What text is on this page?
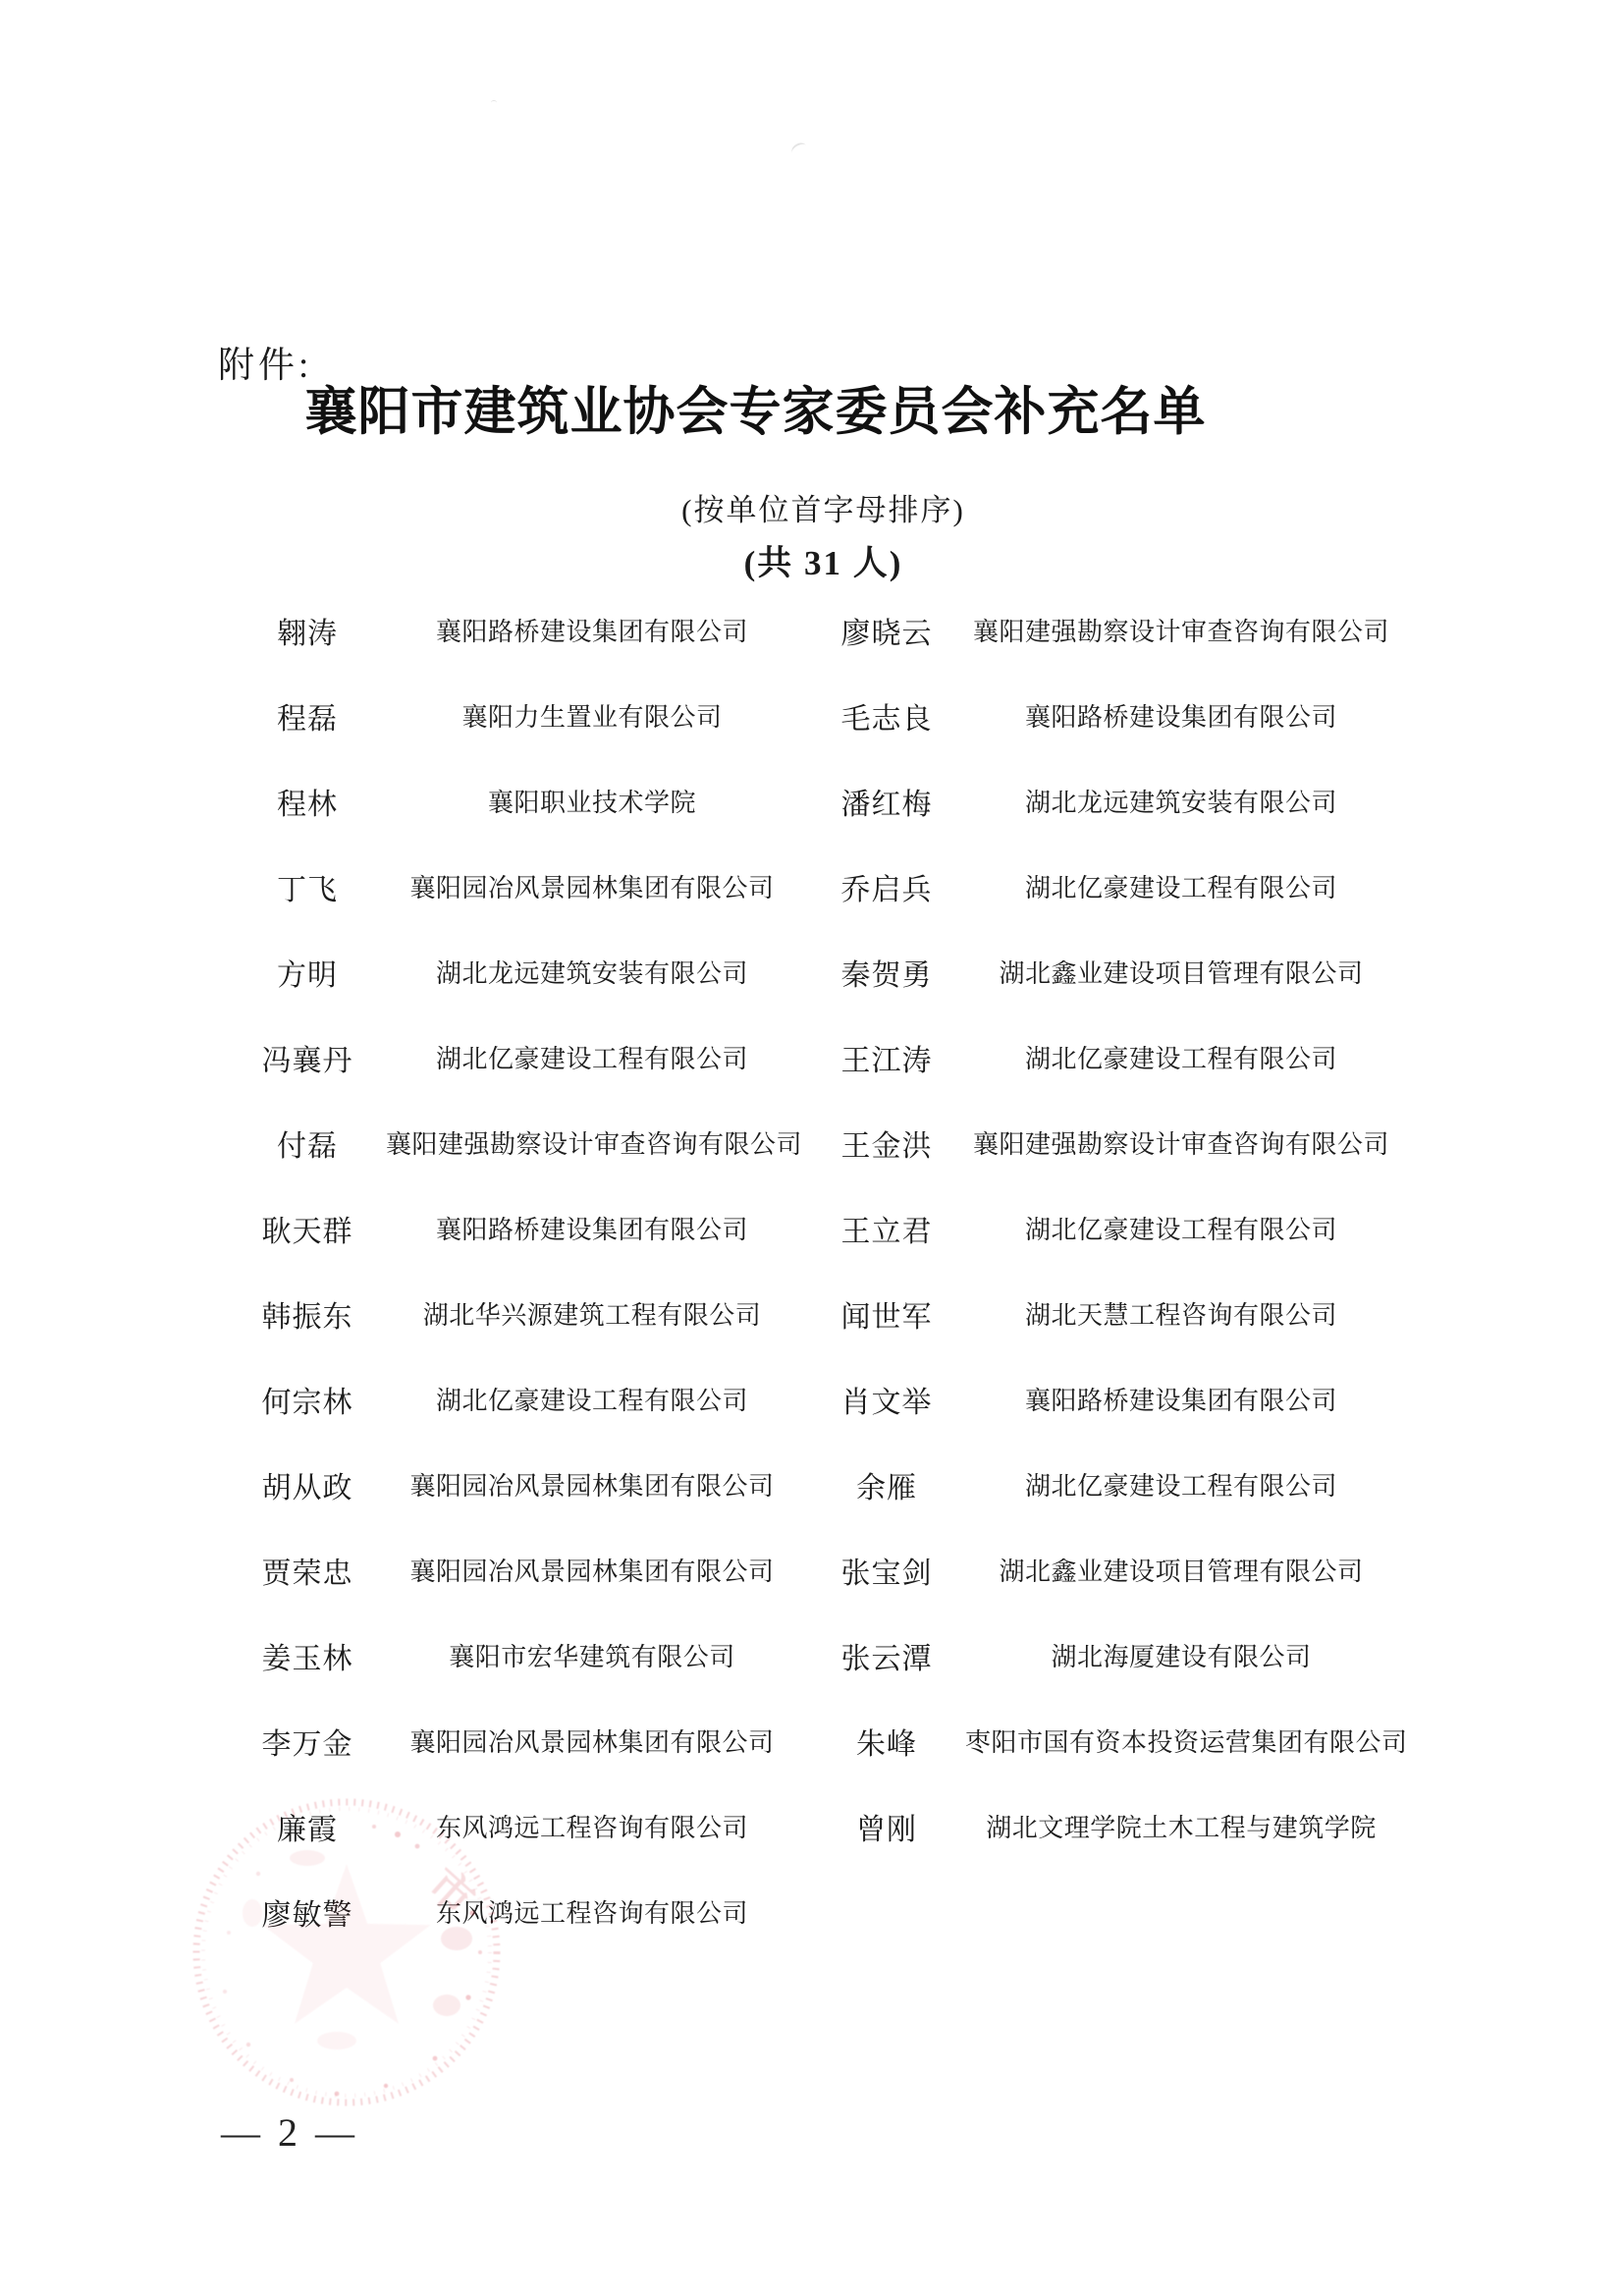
附件:
襄阳市建筑业协会专家委员会补充名单
(按单位首字母排序)
(共 31 人)
翱涛	襄阳路桥建设集团有限公司	廖晓云	襄阳建强勘察设计审查咨询有限公司
程磊	襄阳力生置业有限公司	毛志良	襄阳路桥建设集团有限公司
程林	襄阳职业技术学院	潘红梅	湖北龙远建筑安装有限公司
丁飞	襄阳园冶风景园林集团有限公司	乔启兵	湖北亿豪建设工程有限公司
方明	湖北龙远建筑安装有限公司	秦贺勇	湖北鑫业建设项目管理有限公司
冯襄丹	湖北亿豪建设工程有限公司	王江涛	湖北亿豪建设工程有限公司
付磊	襄阳建强勘察设计审查咨询有限公司	王金洪	襄阳建强勘察设计审查咨询有限公司
耿天群	襄阳路桥建设集团有限公司	王立君	湖北亿豪建设工程有限公司
韩振东	湖北华兴源建筑工程有限公司	闻世军	湖北天慧工程咨询有限公司
何宗林	湖北亿豪建设工程有限公司	肖文举	襄阳路桥建设集团有限公司
胡从政	襄阳园冶风景园林集团有限公司	余雁	湖北亿豪建设工程有限公司
贾荣忠	襄阳园冶风景园林集团有限公司	张宝剑	湖北鑫业建设项目管理有限公司
姜玉林	襄阳市宏华建筑有限公司	张云潭	湖北海厦建设有限公司
李万金	襄阳园冶风景园林集团有限公司	朱峰	枣阳市国有资本投资运营集团有限公司
廉霞	东风鸿远工程咨询有限公司	曾刚	湖北文理学院土木工程与建筑学院
廖敏警	东风鸿远工程咨询有限公司
市
— 2 —
